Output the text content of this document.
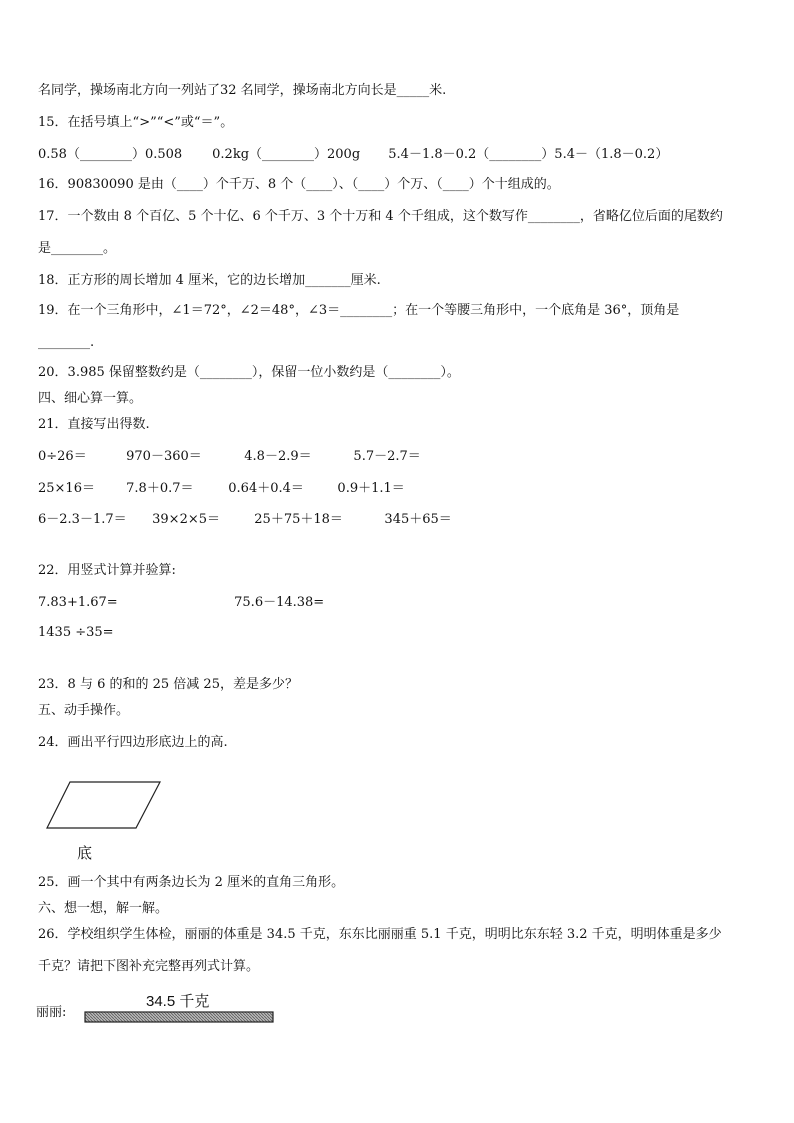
名同学，操场南北方向一列站了32 名同学，操场南北方向长是_____米.
15．在括号填上“>”“<”或“＝”。
0.58（________）0.508 0.2kg（________）200g 5.4－1.8－0.2（________）5.4－（1.8－0.2）
16．90830090 是由（____）个千万、8 个（____）、（____）个万、（____）个十组成的。
17．一个数由 8 个百亿、5 个十亿、6 个千万、3 个十万和 4 个千组成，这个数写作________，省略亿位后面的尾数约
是________。
18．正方形的周长增加 4 厘米，它的边长增加_______厘米.
19．在一个三角形中，∠1＝72°，∠2＝48°，∠3＝________；在一个等腰三角形中，一个底角是 36°，顶角是
________.
20．3.985 保留整数约是（________），保留一位小数约是（________）。
四、细心算一算。
21．直接写出得数.
0÷26＝	970－360＝	4.8－2.9＝	5.7－2.7＝
25×16＝ 7.8＋0.7＝	0.64＋0.4＝	0.9＋1.1＝
6－2.3－1.7＝ 39×2×5＝	25＋75＋18＝	345＋65＝
22．用竖式计算并验算:
7.83+1.67=	75.6－14.38=
1435 ÷35=
23．8 与 6 的和的 25 倍减 25，差是多少？
五、动手操作。
24．画出平行四边形底边上的高.
底
25．画一个其中有两条边长为 2 厘米的直角三角形。
六、想一想，解一解。
26．学校组织学生体检，丽丽的体重是 34.5 千克，东东比丽丽重 5.1 千克，明明比东东轻 3.2 千克，明明体重是多少
千克？请把下图补充完整再列式计算。
34.5 千克
丽丽:
